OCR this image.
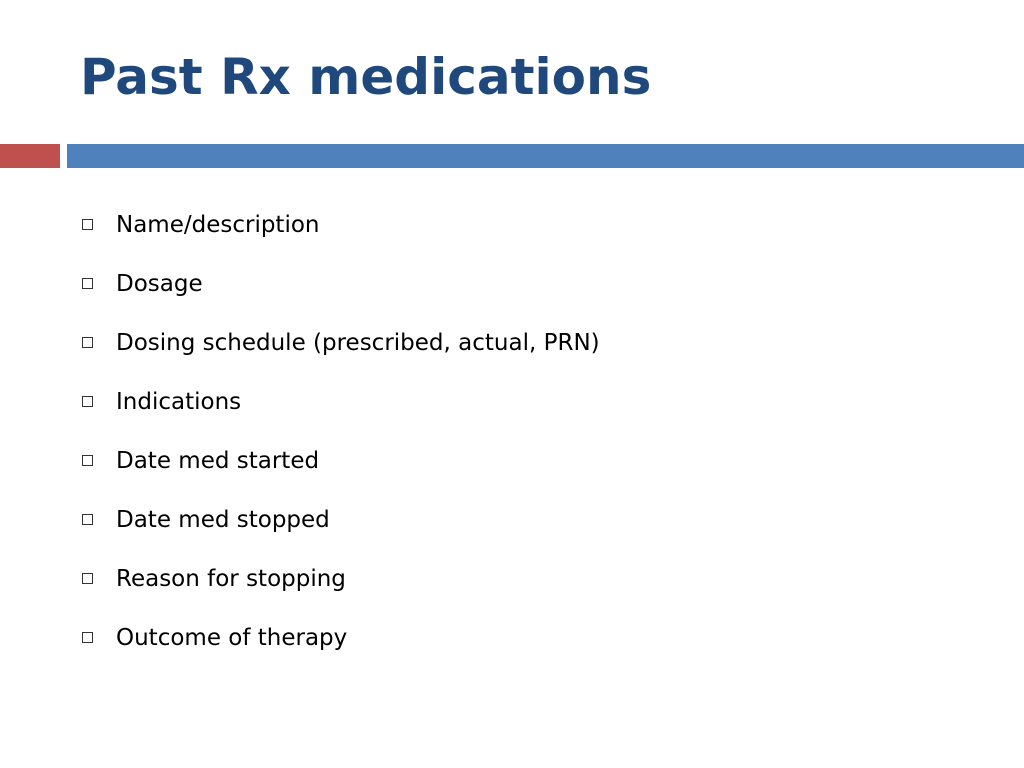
Past Rx medications
Name/description
Dosage
Dosing schedule (prescribed, actual, PRN)
Indications
Date med started
Date med stopped
Reason for stopping
Outcome of therapy
